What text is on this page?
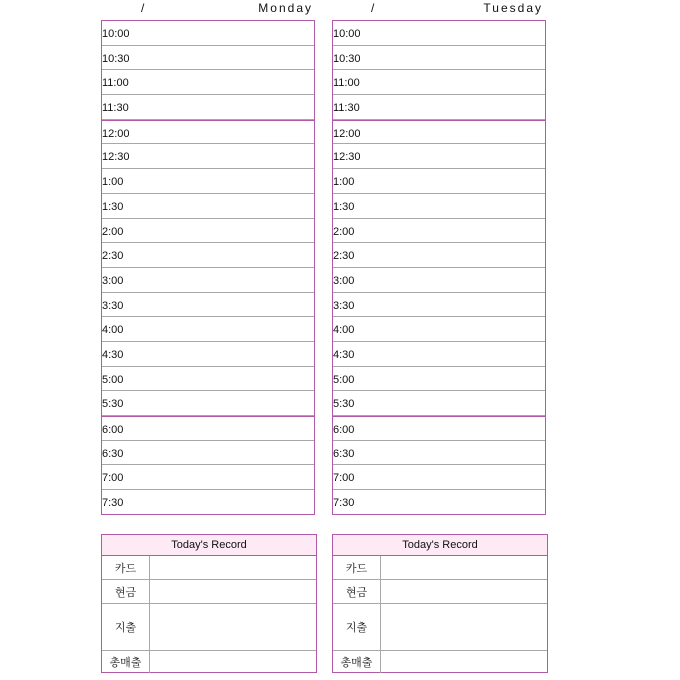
/	Monday
10:00
10:30
11:00
11:30
12:00
12:30
1:00
1:30
2:00
2:30
3:00
3:30
4:00
4:30
5:00
5:30
6:00
6:30
7:00
7:30
Today's Record
카드
현금
지출
총매출
/	Tuesday
10:00
10:30
11:00
11:30
12:00
12:30
1:00
1:30
2:00
2:30
3:00
3:30
4:00
4:30
5:00
5:30
6:00
6:30
7:00
7:30
Today's Record
카드
현금
지출
총매출
